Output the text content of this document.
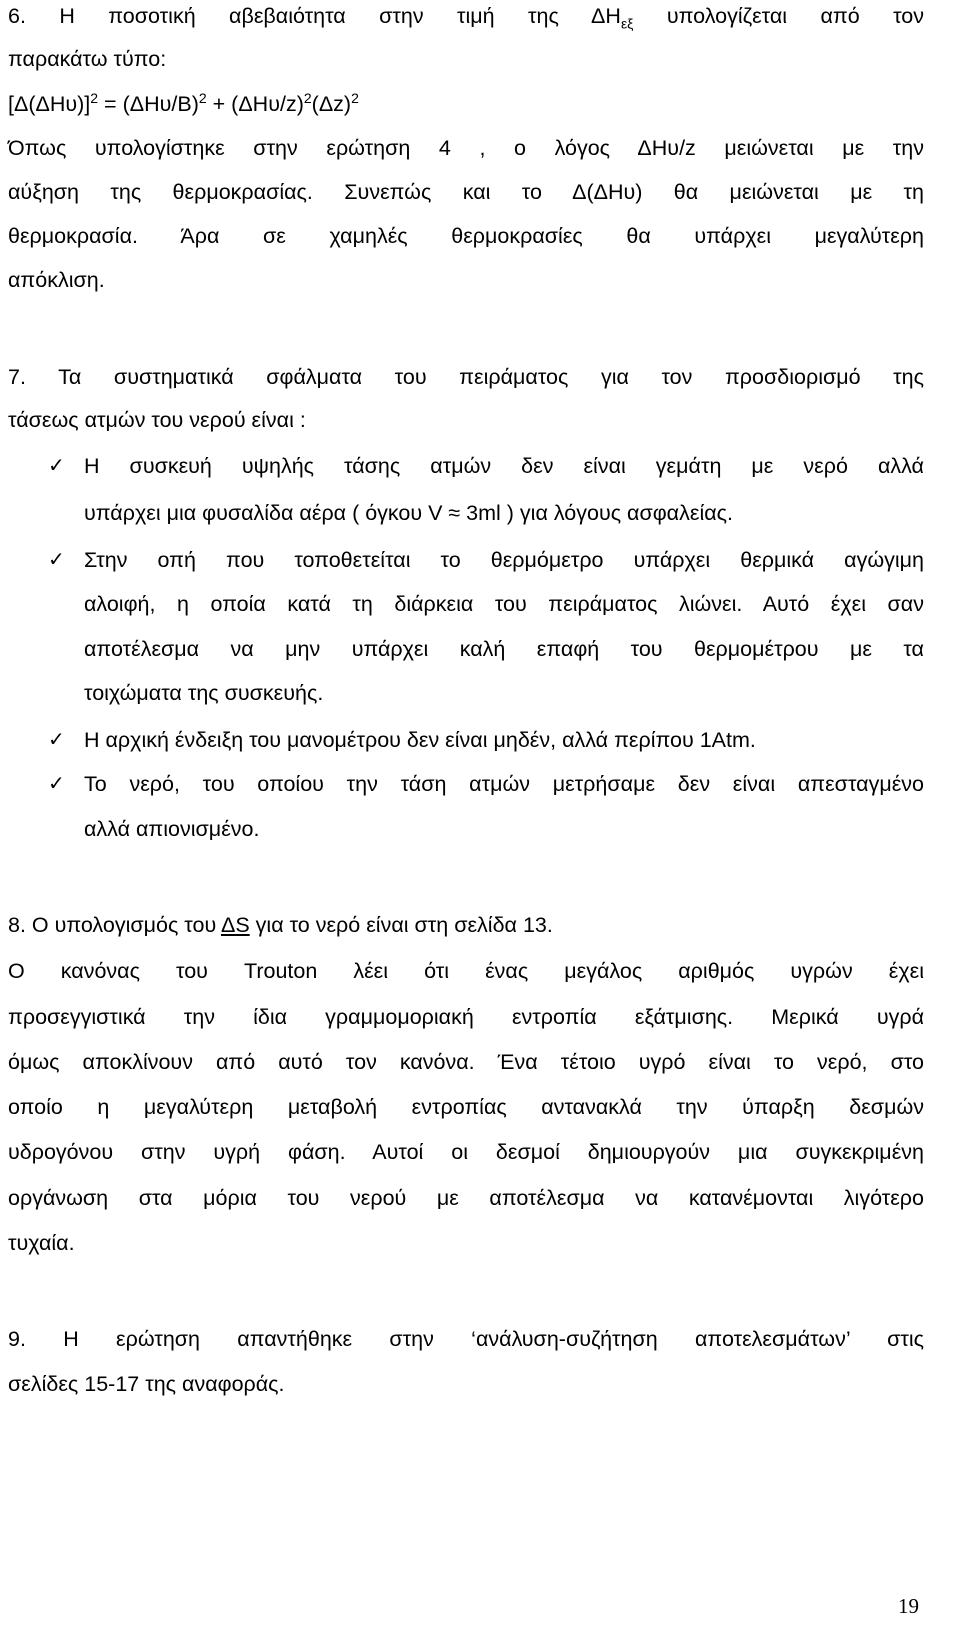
6. Η ποσοτική αβεβαιότητα στην τιμή της $\Delta H_{\varepsilon\xi}$ υπολογίζεται από τον
παρακάτω τύπο:
$[\Delta(\Delta H\upsilon)]^2 = (\Delta H\upsilon/B)^2 + (\Delta H\upsilon/z)^2(\Delta z)^2$
Όπως υπολογίστηκε στην ερώτηση 4 , ο λόγος ΔΗυ/z μειώνεται με την
αύξηση της θερμοκρασίας. Συνεπώς και το Δ(ΔΗυ) θα μειώνεται με τη
θερμοκρασία. Άρα σε χαμηλές θερμοκρασίες θα υπάρχει μεγαλύτερη
απόκλιση.
7. Τα συστηματικά σφάλματα του πειράματος για τον προσδιορισμό της
τάσεως ατμών του νερού είναι :
✓ Η συσκευή υψηλής τάσης ατμών δεν είναι γεμάτη με νερό αλλά
υπάρχει μια φυσαλίδα αέρα ( όγκου V ≈ 3ml ) για λόγους ασφαλείας.
✓ Στην οπή που τοποθετείται το θερμόμετρο υπάρχει θερμικά αγώγιμη
αλοιφή, η οποία κατά τη διάρκεια του πειράματος λιώνει. Αυτό έχει σαν
αποτέλεσμα να μην υπάρχει καλή επαφή του θερμομέτρου με τα
τοιχώματα της συσκευής.
✓ Η αρχική ένδειξη του μανομέτρου δεν είναι μηδέν, αλλά περίπου 1Atm.
✓ Το νερό, του οποίου την τάση ατμών μετρήσαμε δεν είναι απεσταγμένο
αλλά απιονισμένο.
8. Ο υπολογισμός του ΔS για το νερό είναι στη σελίδα 13.
Ο κανόνας του Trouton λέει ότι ένας μεγάλος αριθμός υγρών έχει
προσεγγιστικά την ίδια γραμμομοριακή εντροπία εξάτμισης. Μερικά υγρά
όμως αποκλίνουν από αυτό τον κανόνα. Ένα τέτοιο υγρό είναι το νερό, στο
οποίο η μεγαλύτερη μεταβολή εντροπίας αντανακλά την ύπαρξη δεσμών
υδρογόνου στην υγρή φάση. Αυτοί οι δεσμοί δημιουργούν μια συγκεκριμένη
οργάνωση στα μόρια του νερού με αποτέλεσμα να κατανέμονται λιγότερο
τυχαία.
9. Η ερώτηση απαντήθηκε στην ‘ανάλυση-συζήτηση αποτελεσμάτων’ στις
σελίδες 15-17 της αναφοράς.
19
